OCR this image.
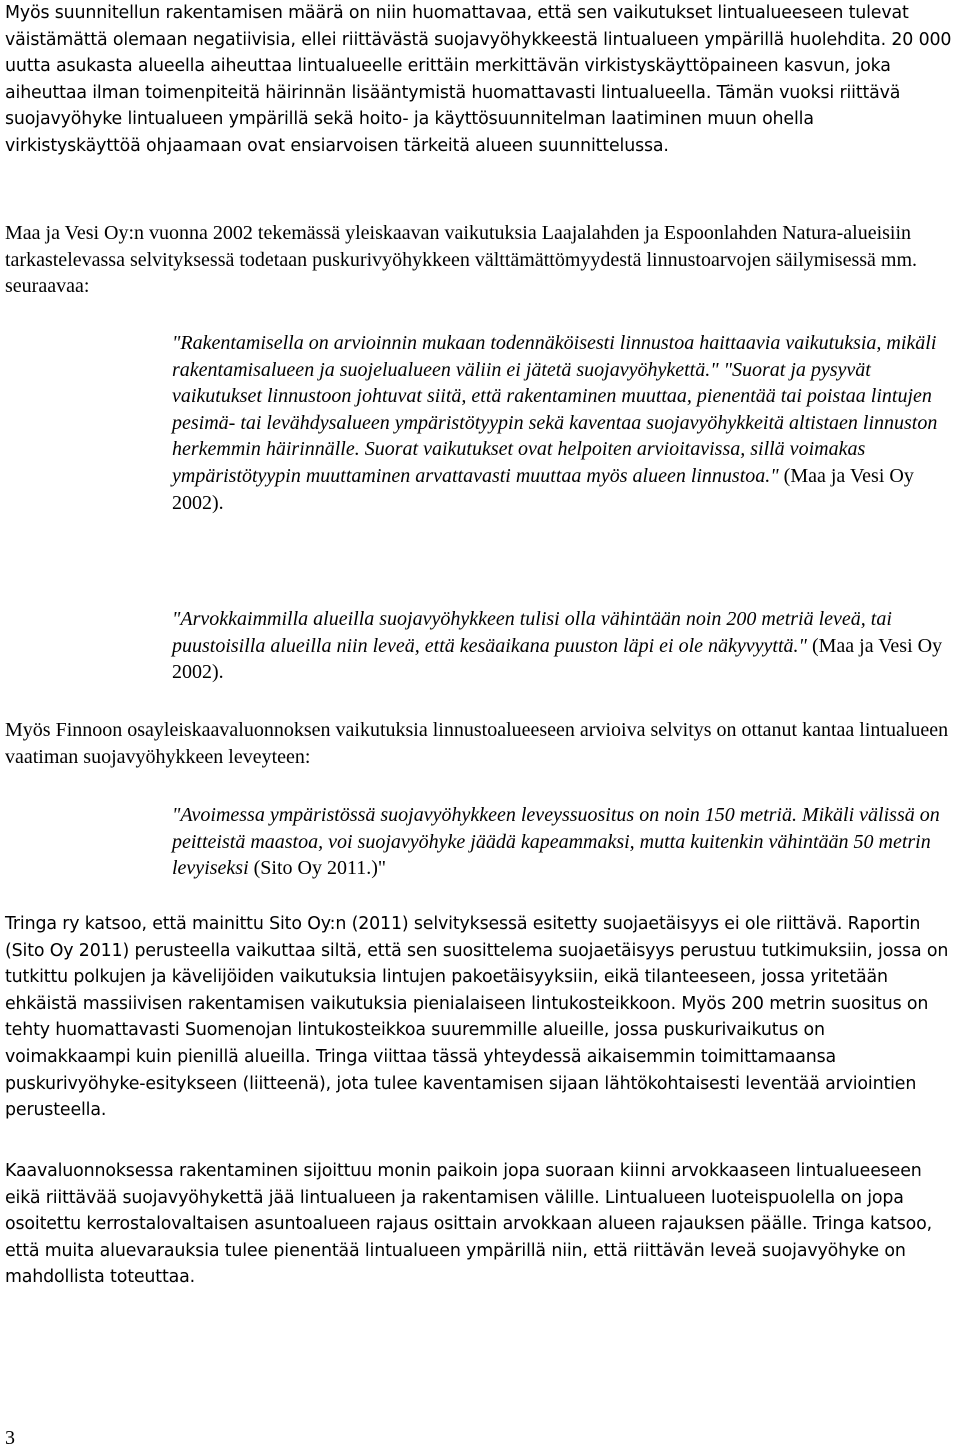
Myös suunnitellun rakentamisen määrä on niin huomattavaa, että sen vaikutukset lintualueeseen tulevat väistämättä olemaan negatiivisia, ellei riittävästä suojavyöhykkeestä lintualueen ympärillä huolehdita. 20 000 uutta asukasta alueella aiheuttaa lintualueelle erittäin merkittävän virkistyskäyttöpaineen kasvun, joka aiheuttaa ilman toimenpiteitä häirinnän lisääntymistä huomattavasti lintualueella. Tämän vuoksi riittävä suojavyöhyke lintualueen ympärillä sekä hoito- ja käyttösuunnitelman laatiminen muun ohella virkistyskäyttöä ohjaamaan ovat ensiarvoisen tärkeitä alueen suunnittelussa.

Maa ja Vesi Oy:n vuonna 2002 tekemässä yleiskaavan vaikutuksia Laajalahden ja Espoonlahden Natura-alueisiin tarkastelevassa selvityksessä todetaan puskurivyöhykkeen välttämättömyydestä linnustoarvojen säilymisessä mm. seuraavaa:

"Rakentamisella on arvioinnin mukaan todennäköisesti linnustoa haittaavia vaikutuksia, mikäli rakentamisalueen ja suojelualueen väliin ei jätetä suojavyöhykettä." "Suorat ja pysyvät vaikutukset linnustoon johtuvat siitä, että rakentaminen muuttaa, pienentää tai poistaa lintujen pesimä- tai levähdysalueen ympäristötyypin sekä kaventaa suojavyöhykkeitä altistaen linnuston herkemmin häirinnälle. Suorat vaikutukset ovat helpoiten arvioitavissa, sillä voimakas ympäristötyypin muuttaminen arvattavasti muuttaa myös alueen linnustoa." (Maa ja Vesi Oy 2002).

"Arvokkaimmilla alueilla suojavyöhykkeen tulisi olla vähintään noin 200 metriä leveä, tai puustoisilla alueilla niin leveä, että kesäaikana puuston läpi ei ole näkyvyyttä." (Maa ja Vesi Oy 2002).

Myös Finnoon osayleiskaavaluonnoksen vaikutuksia linnustoalueeseen arvioiva selvitys on ottanut kantaa lintualueen vaatiman suojavyöhykkeen leveyteen:

"Avoimessa ympäristössä suojavyöhykkeen leveyssuositus on noin 150 metriä. Mikäli välissä on peitteistä maastoa, voi suojavyöhyke jäädä kapeammaksi, mutta kuitenkin vähintään 50 metrin levyiseksi (Sito Oy 2011.)"

Tringa ry katsoo, että mainittu Sito Oy:n (2011) selvityksessä esitetty suojaetäisyys ei ole riittävä. Raportin (Sito Oy 2011) perusteella vaikuttaa siltä, että sen suosittelema suojaetäisyys perustuu tutkimuksiin, jossa on tutkittu polkujen ja kävelijöiden vaikutuksia lintujen pakoetäisyyksiin, eikä tilanteeseen, jossa yritetään ehkäistä massiivisen rakentamisen vaikutuksia pienialaiseen lintukosteikkoon. Myös 200 metrin suositus on tehty huomattavasti Suomenojan lintukosteikkoa suuremmille alueille, jossa puskurivaikutus on voimakkaampi kuin pienillä alueilla. Tringa viittaa tässä yhteydessä aikaisemmin toimittamaansa puskurivyöhyke-esitykseen (liitteenä), jota tulee kaventamisen sijaan lähtökohtaisesti leventää arviointien perusteella.

Kaavaluonnoksessa rakentaminen sijoittuu monin paikoin jopa suoraan kiinni arvokkaaseen lintualueeseen eikä riittävää suojavyöhykettä jää lintualueen ja rakentamisen välille. Lintualueen luoteispuolella on jopa osoitettu kerrostalovaltaisen asuntoalueen rajaus osittain arvokkaan alueen rajauksen päälle. Tringa katsoo, että muita aluevarauksia tulee pienentää lintualueen ympärillä niin, että riittävän leveä suojavyöhyke on mahdollista toteuttaa.

3
